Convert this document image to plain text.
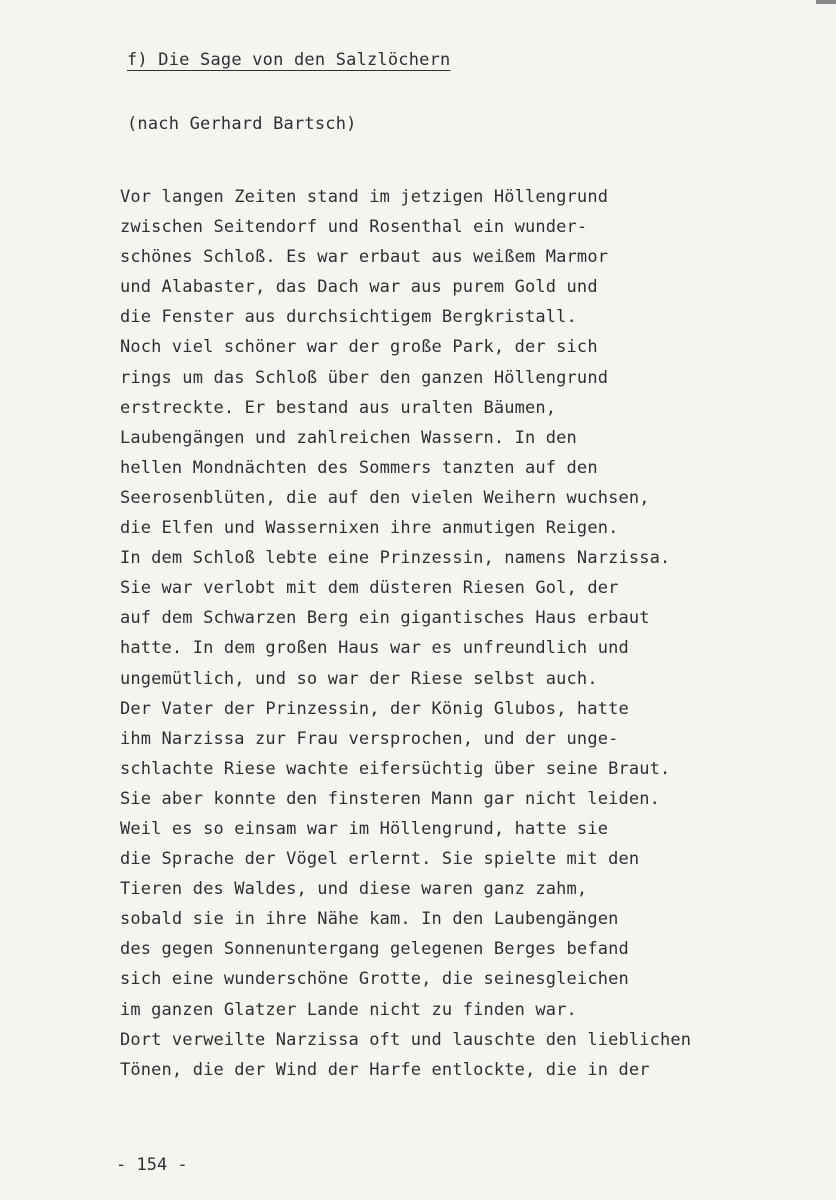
f) Die Sage von den Salzlöchern
(nach Gerhard Bartsch)
Vor langen Zeiten stand im jetzigen Höllengrund
zwischen Seitendorf und Rosenthal ein wunder-
schönes Schloß. Es war erbaut aus weißem Marmor
und Alabaster, das Dach war aus purem Gold und
die Fenster aus durchsichtigem Bergkristall.
Noch viel schöner war der große Park, der sich
rings um das Schloß über den ganzen Höllengrund
erstreckte. Er bestand aus uralten Bäumen,
Laubengängen und zahlreichen Wassern. In den
hellen Mondnächten des Sommers tanzten auf den
Seerosenblüten, die auf den vielen Weihern wuchsen,
die Elfen und Wassernixen ihre anmutigen Reigen.
In dem Schloß lebte eine Prinzessin, namens Narzissa.
Sie war verlobt mit dem düsteren Riesen Gol, der
auf dem Schwarzen Berg ein gigantisches Haus erbaut
hatte. In dem großen Haus war es unfreundlich und
ungemütlich, und so war der Riese selbst auch.
Der Vater der Prinzessin, der König Glubos, hatte
ihm Narzissa zur Frau versprochen, und der unge-
schlachte Riese wachte eifersüchtig über seine Braut.
Sie aber konnte den finsteren Mann gar nicht leiden.
Weil es so einsam war im Höllengrund, hatte sie
die Sprache der Vögel erlernt. Sie spielte mit den
Tieren des Waldes, und diese waren ganz zahm,
sobald sie in ihre Nähe kam. In den Laubengängen
des gegen Sonnenuntergang gelegenen Berges befand
sich eine wunderschöne Grotte, die seinesgleichen
im ganzen Glatzer Lande nicht zu finden war.
Dort verweilte Narzissa oft und lauschte den lieblichen
Tönen, die der Wind der Harfe entlockte, die in der
- 154 -
